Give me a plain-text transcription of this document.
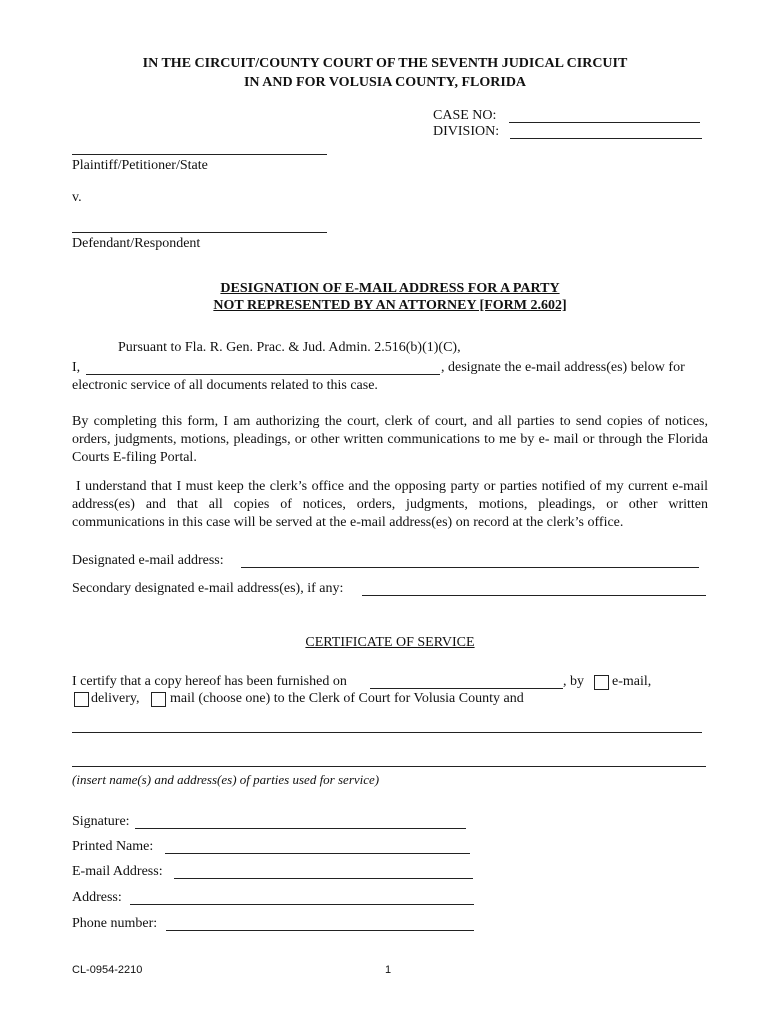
IN THE CIRCUIT/COUNTY COURT OF THE SEVENTH JUDICAL CIRCUIT
IN AND FOR VOLUSIA COUNTY, FLORIDA
CASE NO:
DIVISION:
Plaintiff/Petitioner/State
v.
Defendant/Respondent
DESIGNATION OF E-MAIL ADDRESS FOR A PARTY
NOT REPRESENTED BY AN ATTORNEY [FORM 2.602]
Pursuant to Fla. R. Gen. Prac. & Jud. Admin. 2.516(b)(1)(C),
I,	, designate the e-mail address(es) below for
electronic service of all documents related to this case.
By completing this form, I am authorizing the court, clerk of court, and all parties to send copies of notices, orders, judgments, motions, pleadings, or other written communications to me by e- mail or through the Florida Courts E-filing Portal.
I understand that I must keep the clerk’s office and the opposing party or parties notified of my current e-mail address(es) and that all copies of notices, orders, judgments, motions, pleadings, or other written communications in this case will be served at the e-mail address(es) on record at the clerk’s office.
Designated e-mail address:
Secondary designated e-mail address(es), if any:
CERTIFICATE OF SERVICE
I certify that a copy hereof has been furnished on	, by e-mail,
delivery, mail (choose one) to the Clerk of Court for Volusia County and
(insert name(s) and address(es) of parties used for service)
Signature:
Printed Name:
E-mail Address:
Address:
Phone number:
CL-0954-2210	1
